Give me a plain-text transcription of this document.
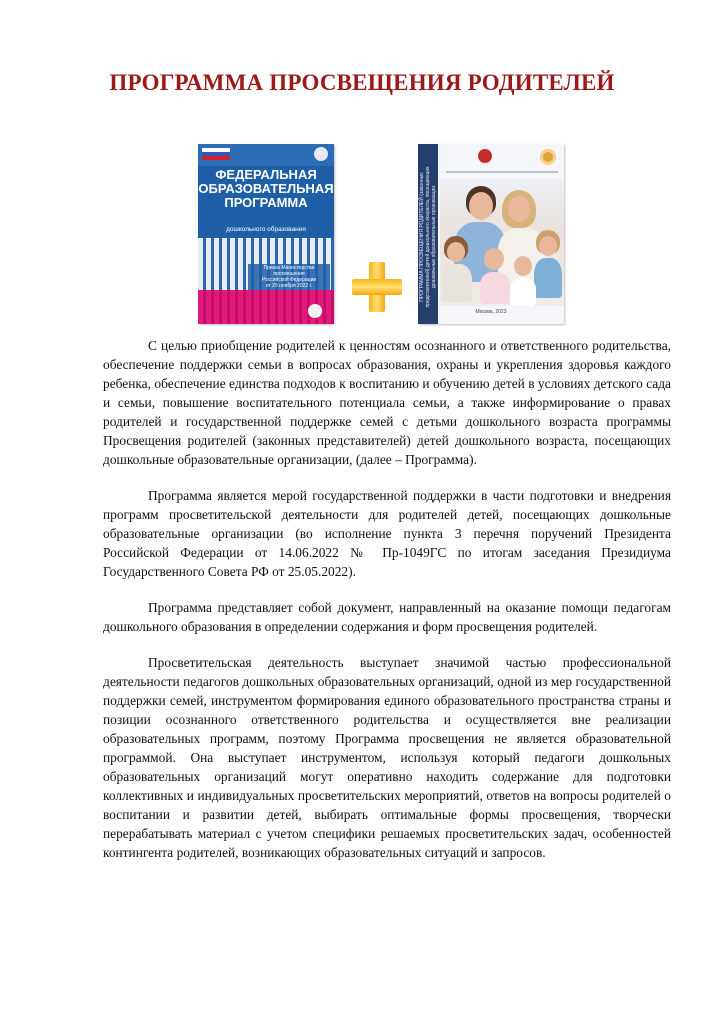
ПРОГРАММА ПРОСВЕЩЕНИЯ РОДИТЕЛЕЙ
ФЕДЕРАЛЬНАЯ ОБРАЗОВАТЕЛЬНАЯ ПРОГРАММА
дошкольного образования
Приказ Министерства просвещения
Российской Федерации
от 25 ноября 2022 г.	ПРОГРАММА ПРОСВЕЩЕНИЯ РОДИТЕЛЕЙ (законных представителей) детей дошкольного возраста, посещающих дошкольные образовательные организации
Москва, 2023

С целью приобщение родителей к ценностям осознанного и ответственного родительства, обеспечение поддержки семьи в вопросах образования, охраны и укрепления здоровья каждого ребенка, обеспечение единства подходов к воспитанию и обучению детей в условиях детского сада и семьи, повышение воспитательного потенциала семьи, а также информирование о правах родителей и государственной поддержке семей с детьми дошкольного возраста программы Просвещения родителей (законных представителей) детей дошкольного возраста, посещающих дошкольные образовательные организации, (далее – Программа).

Программа является мерой государственной поддержки в части подготовки и внедрения программ просветительской деятельности для родителей детей, посещающих дошкольные образовательные организации (во исполнение пункта 3 перечня поручений Президента Российской Федерации от 14.06.2022 № Пр-1049ГС по итогам заседания Президиума Государственного Совета РФ от 25.05.2022).

Программа представляет собой документ, направленный на оказание помощи педагогам дошкольного образования в определении содержания и форм просвещения родителей.

Просветительская деятельность выступает значимой частью профессиональной деятельности педагогов дошкольных образовательных организаций, одной из мер государственной поддержки семей, инструментом формирования единого образовательного пространства страны и позиции осознанного ответственного родительства и осуществляется вне реализации образовательных программ, поэтому Программа просвещения не является образовательной программой. Она выступает инструментом, используя который педагоги дошкольных образовательных организаций могут оперативно находить содержание для подготовки коллективных и индивидуальных просветительских мероприятий, ответов на вопросы родителей о воспитании и развитии детей, выбирать оптимальные формы просвещения, творчески перерабатывать материал с учетом специфики решаемых просветительских задач, особенностей контингента родителей, возникающих образовательных ситуаций и запросов.
